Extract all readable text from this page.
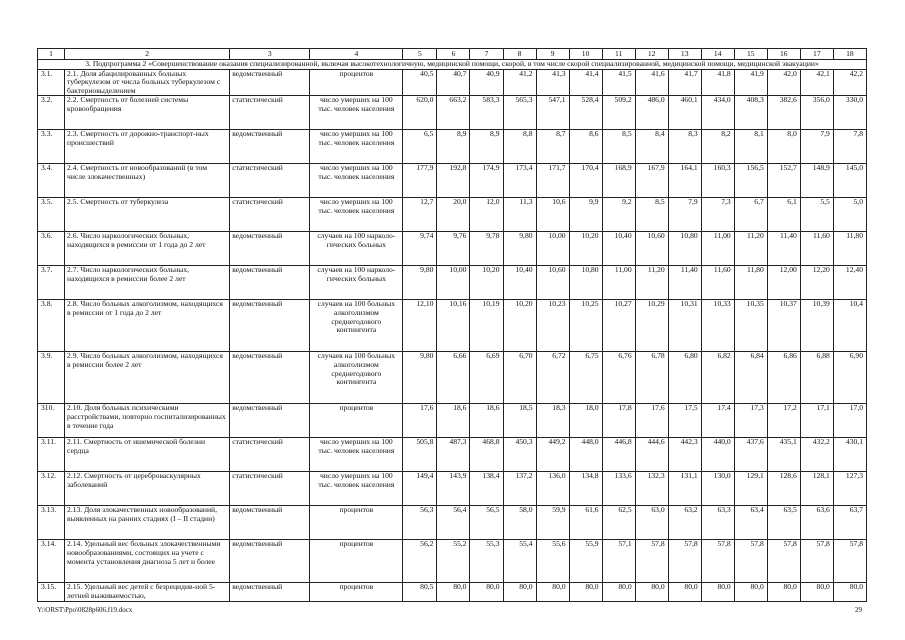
1	2	3	4	5	6	7	8	9	10	11	12	13	14	15	16	17	18
3. Подпрограмма 2 «Совершенствование оказания специализированной, включая высокотехнологичную, медицинской помощи, скорой, в том числе скорой специализированной, медицинской помощи, медицинской эвакуации»																	
3.1.	2.1. Доля абацилированных больных туберкулезом от числа больных туберкулезом с бактериовыделением	ведомственный	процентов	40,5	40,7	40,9	41,2	41,3	41,4	41,5	41,6	41,7	41,8	41,9	42,0	42,1	42,2
3.2.	2.2. Смертность от болезней системы кровообращения	статистический	число умерших на 100 тыс. человек населения	620,0	663,2	583,3	565,3	547,1	528,4	509,2	486,0	460,1	434,0	408,3	382,6	356,0	330,0
3.3.	2.3. Смертность от дорожно-транспорт-ных происшествий	ведомственный	число умерших на 100 тыс. человек населения	6,5	8,9	8,9	8,8	8,7	8,6	8,5	8,4	8,3	8,2	8,1	8,0	7,9	7,8
3.4.	2.4. Смертность от новообразований (в том числе злокачественных)	статистический	число умерших на 100 тыс. человек населения	177,9	192,8	174,9	173,4	171,7	170,4	168,9	167,9	164,1	160,3	156,5	152,7	148,9	145,0
3.5.	2.5. Смертность от туберкулеза	статистический	число умерших на 100 тыс. человек населения	12,7	20,0	12,0	11,3	10,6	9,9	9,2	8,5	7,9	7,3	6,7	6,1	5,5	5,0
3.6.	2.6. Число наркологических больных, находящихся в ремиссии от 1 года до 2 лет	ведомственный	случаев на 100 нарколо-гических больных	9,74	9,76	9,78	9,80	10,00	10,20	10,40	10,60	10,80	11,00	11,20	11,40	11,60	11,80
3.7.	2.7. Число наркологических больных, находящихся в ремиссии более 2 лет	ведомственный	случаев на 100 нарколо-гических больных	9,80	10,00	10,20	10,40	10,60	10,80	11,00	11,20	11,40	11,60	11,80	12,00	12,20	12,40
3.8.	2.8. Число больных алкоголизмом, находящихся в ремиссии от 1 года до 2 лет	ведомственный	случаев на 100 больных алкоголизмом среднегодового контингента	12,10	10,16	10,19	10,20	10,23	10,25	10,27	10,29	10,31	10,33	10,35	10,37	10,39	10,4
3.9.	2.9. Число больных алкоголизмом, находящихся в ремиссии более 2 лет	ведомственный	случаев на 100 больных алкоголизмом среднегодового контингента	9,80	6,66	6,69	6,70	6,72	6,75	6,76	6,78	6,80	6,82	6,84	6,86	6,88	6,90
310.	2.10. Доля больных психическими расстройствами, повторно госпитализированных в течение года	ведомственный	процентов	17,6	18,6	18,6	18,5	18,3	18,0	17,8	17,6	17,5	17,4	17,3	17,2	17,1	17,0
3.11.	2.11. Смертность от ишемической болезни сердца	статистический	число умерших на 100 тыс. человек населения	505,8	487,3	468,8	450,3	449,2	448,0	446,8	444,6	442,3	440,0	437,6	435,1	432,2	430,1
3.12.	2.12. Смертность от цереброваскулярных заболеваний	статистический	число умерших на 100 тыс. человек населения	149,4	143,9	138,4	137,2	136,0	134,8	133,6	132,3	131,1	130,0	129,1	128,6	128,1	127,3
3.13.	2.13. Доля злокачественных новообразований, выявленных на ранних стадиях (I – II стадии)	ведомственный	процентов	56,3	56,4	56,5	58,0	59,9	61,6	62,5	63,0	63,2	63,3	63,4	63,5	63,6	63,7
3.14.	2.14. Удельный вес больных злокачественными новообразованиями, состоящих на учете с момента установления диагноза 5 лет и более	ведомственный	процентов	56,2	55,2	55,3	55,4	55,6	55,9	57,1	57,8	57,8	57,8	57,8	57,8	57,8	57,8
3.15.	2.15. Удельный вес детей с безрецидив-ной 5-летней выживаемостью,	ведомственный	процентов	80,5	80,0	80,0	80,0	80,0	80,0	80,0	80,0	80,0	80,0	80,0	80,0	80,0	80,0
Y:\ORST\Ppo\0828p606.f19.docx	29
